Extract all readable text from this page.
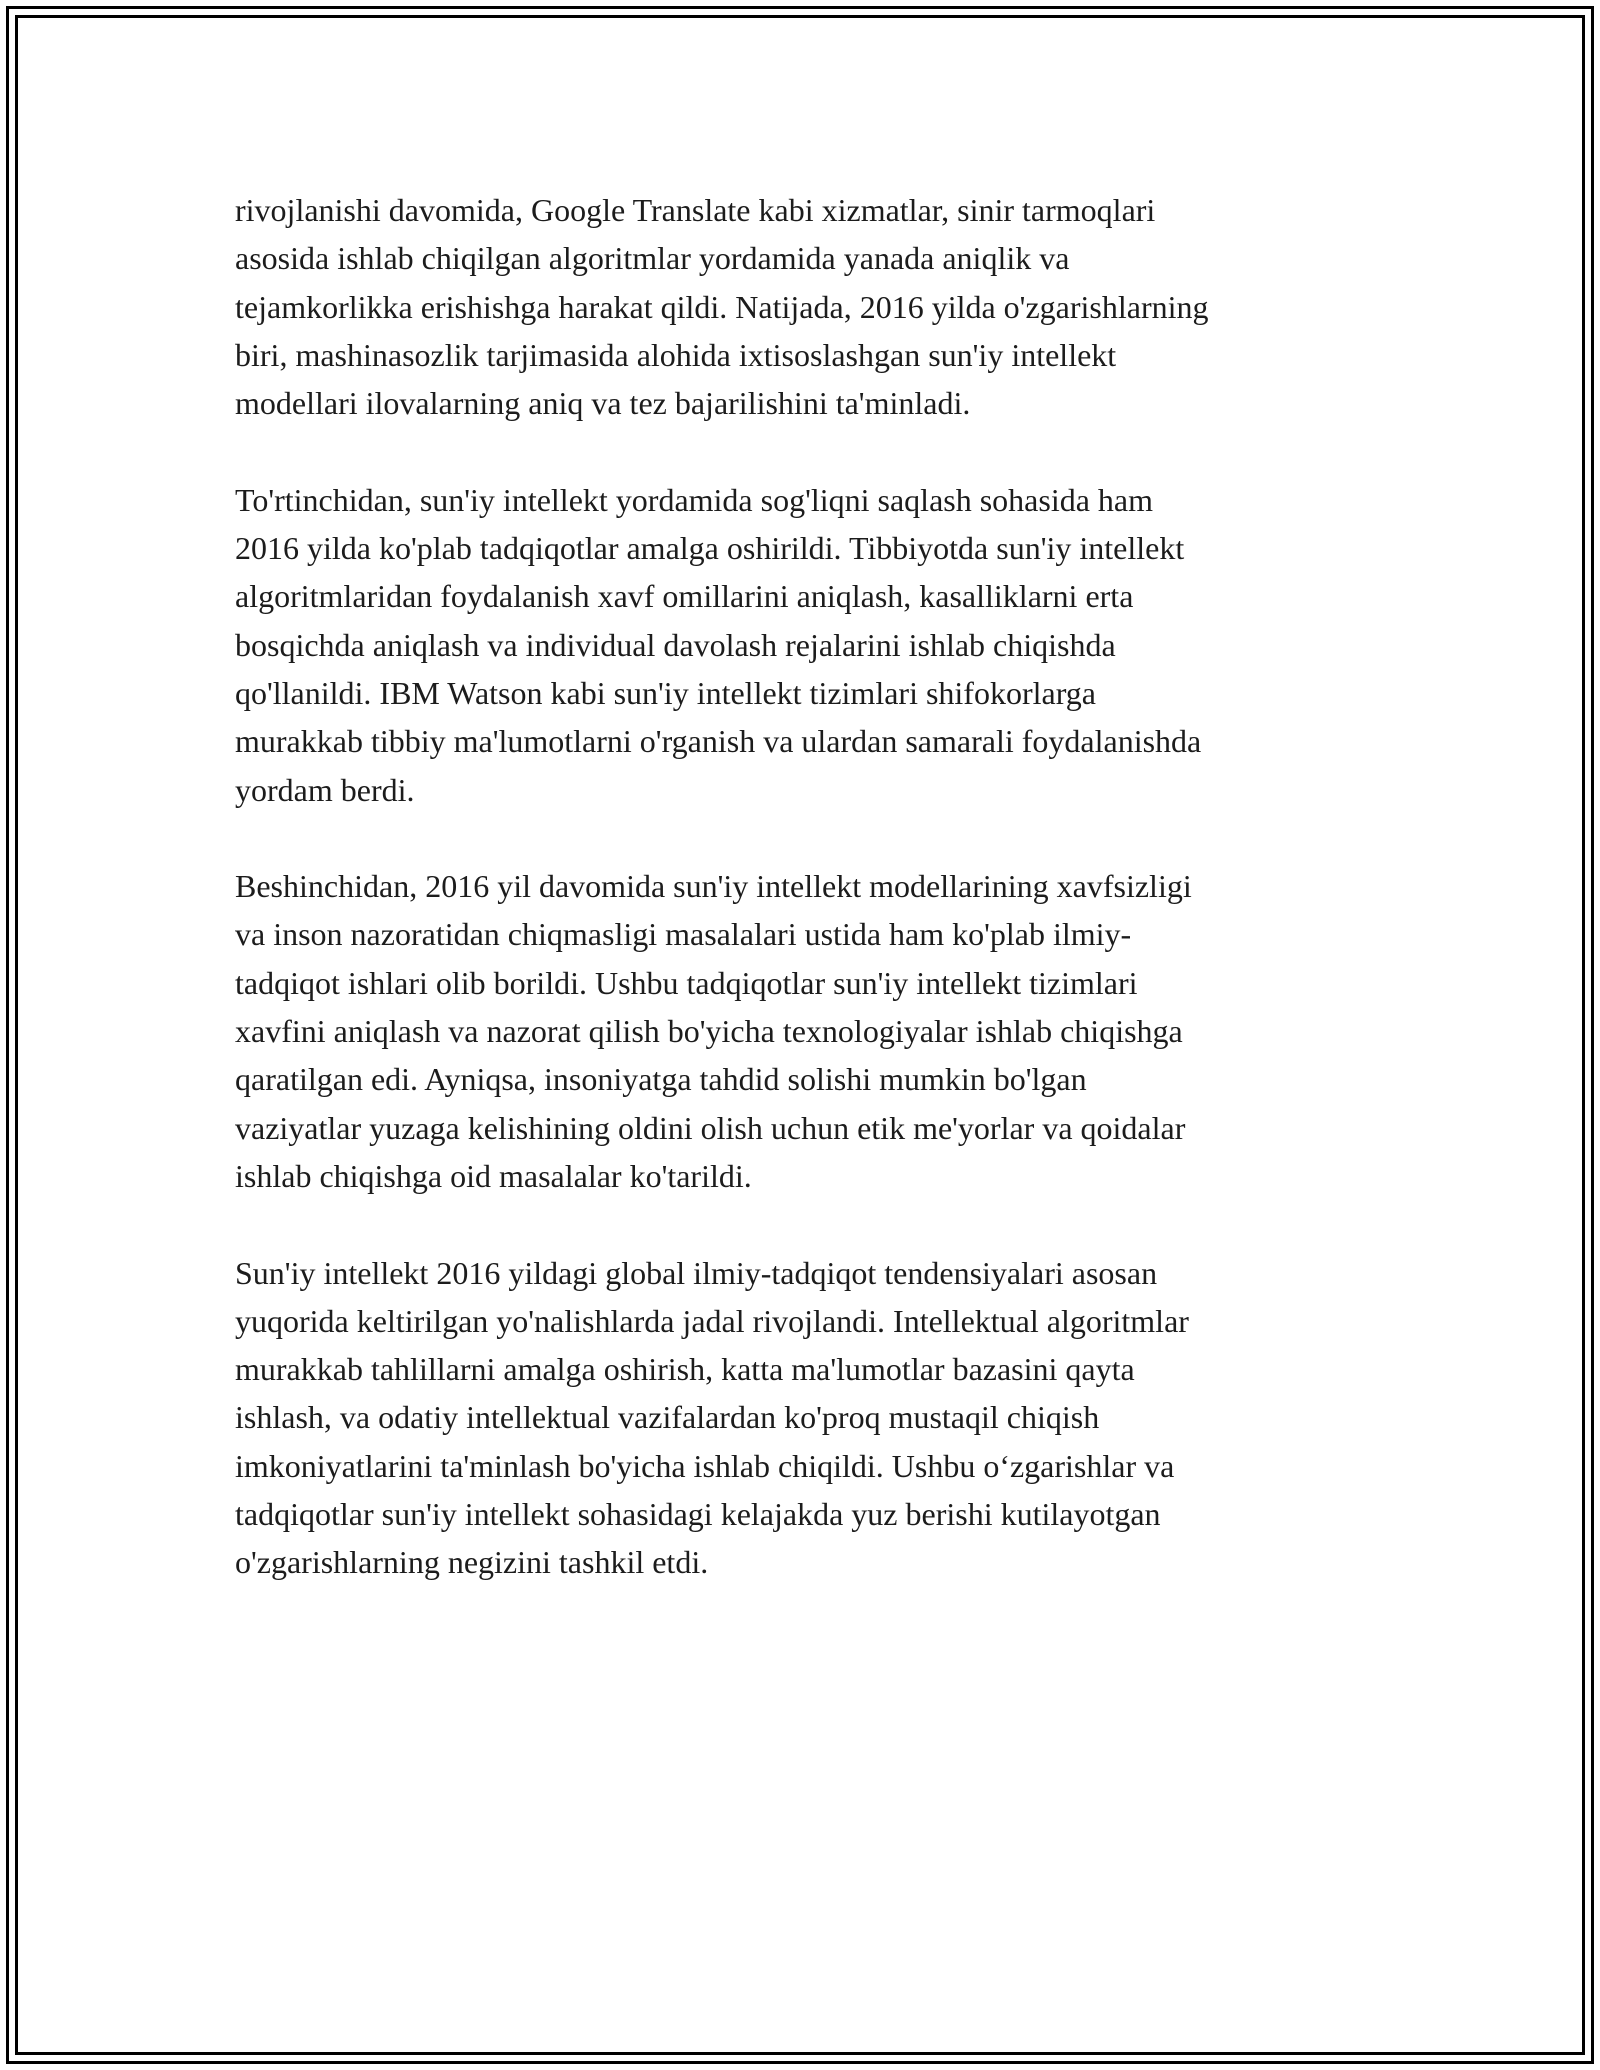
rivojlanishi davomida, Google Translate kabi xizmatlar, sinir tarmoqlari
asosida ishlab chiqilgan algoritmlar yordamida yanada aniqlik va
tejamkorlikka erishishga harakat qildi. Natijada, 2016 yilda o'zgarishlarning
biri, mashinasozlik tarjimasida alohida ixtisoslashgan sun'iy intellekt
modellari ilovalarning aniq va tez bajarilishini ta'minladi.

To'rtinchidan, sun'iy intellekt yordamida sog'liqni saqlash sohasida ham
2016 yilda ko'plab tadqiqotlar amalga oshirildi. Tibbiyotda sun'iy intellekt
algoritmlaridan foydalanish xavf omillarini aniqlash, kasalliklarni erta
bosqichda aniqlash va individual davolash rejalarini ishlab chiqishda
qo'llanildi. IBM Watson kabi sun'iy intellekt tizimlari shifokorlarga
murakkab tibbiy ma'lumotlarni o'rganish va ulardan samarali foydalanishda
yordam berdi.

Beshinchidan, 2016 yil davomida sun'iy intellekt modellarining xavfsizligi
va inson nazoratidan chiqmasligi masalalari ustida ham ko'plab ilmiy-
tadqiqot ishlari olib borildi. Ushbu tadqiqotlar sun'iy intellekt tizimlari
xavfini aniqlash va nazorat qilish bo'yicha texnologiyalar ishlab chiqishga
qaratilgan edi. Ayniqsa, insoniyatga tahdid solishi mumkin bo'lgan
vaziyatlar yuzaga kelishining oldini olish uchun etik me'yorlar va qoidalar
ishlab chiqishga oid masalalar ko'tarildi.

Sun'iy intellekt 2016 yildagi global ilmiy-tadqiqot tendensiyalari asosan
yuqorida keltirilgan yo'nalishlarda jadal rivojlandi. Intellektual algoritmlar
murakkab tahlillarni amalga oshirish, katta ma'lumotlar bazasini qayta
ishlash, va odatiy intellektual vazifalardan ko'proq mustaqil chiqish
imkoniyatlarini ta'minlash bo'yicha ishlab chiqildi. Ushbu o‘zgarishlar va
tadqiqotlar sun'iy intellekt sohasidagi kelajakda yuz berishi kutilayotgan
o'zgarishlarning negizini tashkil etdi.
